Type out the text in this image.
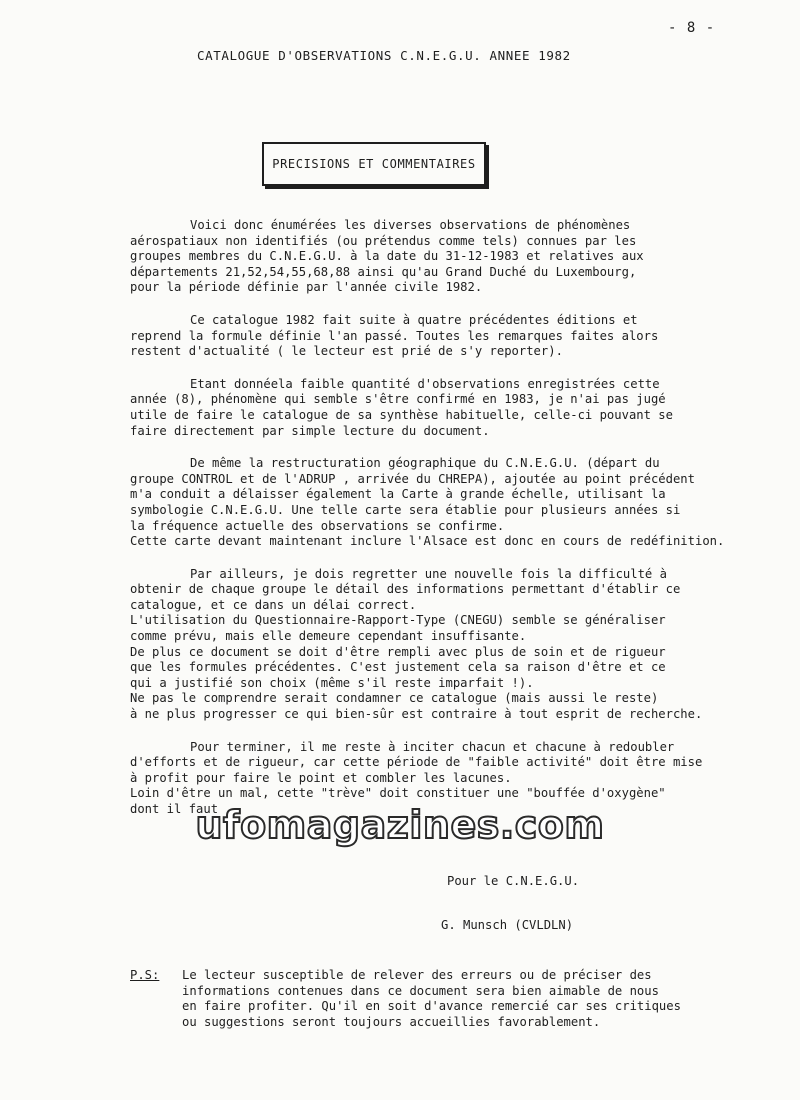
- 8 -
CATALOGUE D'OBSERVATIONS C.N.E.G.U. ANNEE 1982
PRECISIONS ET COMMENTAIRES
Voici donc énumérées les diverses observations de phénomènes
aérospatiaux non identifiés (ou prétendus comme tels) connues par les
groupes membres du C.N.E.G.U. à la date du 31-12-1983 et relatives aux
départements 21,52,54,55,68,88 ainsi qu'au Grand Duché du Luxembourg,
pour la période définie par l'année civile 1982.
Ce catalogue 1982 fait suite à quatre précédentes éditions et
reprend la formule définie l'an passé. Toutes les remarques faites alors
restent d'actualité ( le lecteur est prié de s'y reporter).
Etant donnéela faible quantité d'observations enregistrées cette
année (8), phénomène qui semble s'être confirmé en 1983, je n'ai pas jugé
utile de faire le catalogue de sa synthèse habituelle, celle-ci pouvant se
faire directement par simple lecture du document.
De même la restructuration géographique du C.N.E.G.U. (départ du
groupe CONTROL et de l'ADRUP , arrivée du CHREPA), ajoutée au point précédent
m'a conduit a délaisser également la Carte à grande échelle, utilisant la
symbologie C.N.E.G.U. Une telle carte sera établie pour plusieurs années si
la fréquence actuelle des observations se confirme.
Cette carte devant maintenant inclure l'Alsace est donc en cours de redéfinition.
Par ailleurs, je dois regretter une nouvelle fois la difficulté à
obtenir de chaque groupe le détail des informations permettant d'établir ce
catalogue, et ce dans un délai correct.
L'utilisation du Questionnaire-Rapport-Type (CNEGU) semble se généraliser
comme prévu, mais elle demeure cependant insuffisante.
De plus ce document se doit d'être rempli avec plus de soin et de rigueur
que les formules précédentes. C'est justement cela sa raison d'être et ce
qui a justifié son choix (même s'il reste imparfait !).
Ne pas le comprendre serait condamner ce catalogue (mais aussi le reste)
à ne plus progresser ce qui bien-sûr est contraire à tout esprit de recherche.
Pour terminer, il me reste à inciter chacun et chacune à redoubler
d'efforts et de rigueur, car cette période de "faible activité" doit être mise
à profit pour faire le point et combler les lacunes.
Loin d'être un mal, cette "trève" doit constituer une "bouffée d'oxygène"
dont il faut
ufomagazines.com
Pour le C.N.E.G.U.
G. Munsch (CVLDLN)
P.S: Le lecteur susceptible de relever des erreurs ou de préciser des
informations contenues dans ce document sera bien aimable de nous
en faire profiter. Qu'il en soit d'avance remercié car ses critiques
ou suggestions seront toujours accueillies favorablement.
